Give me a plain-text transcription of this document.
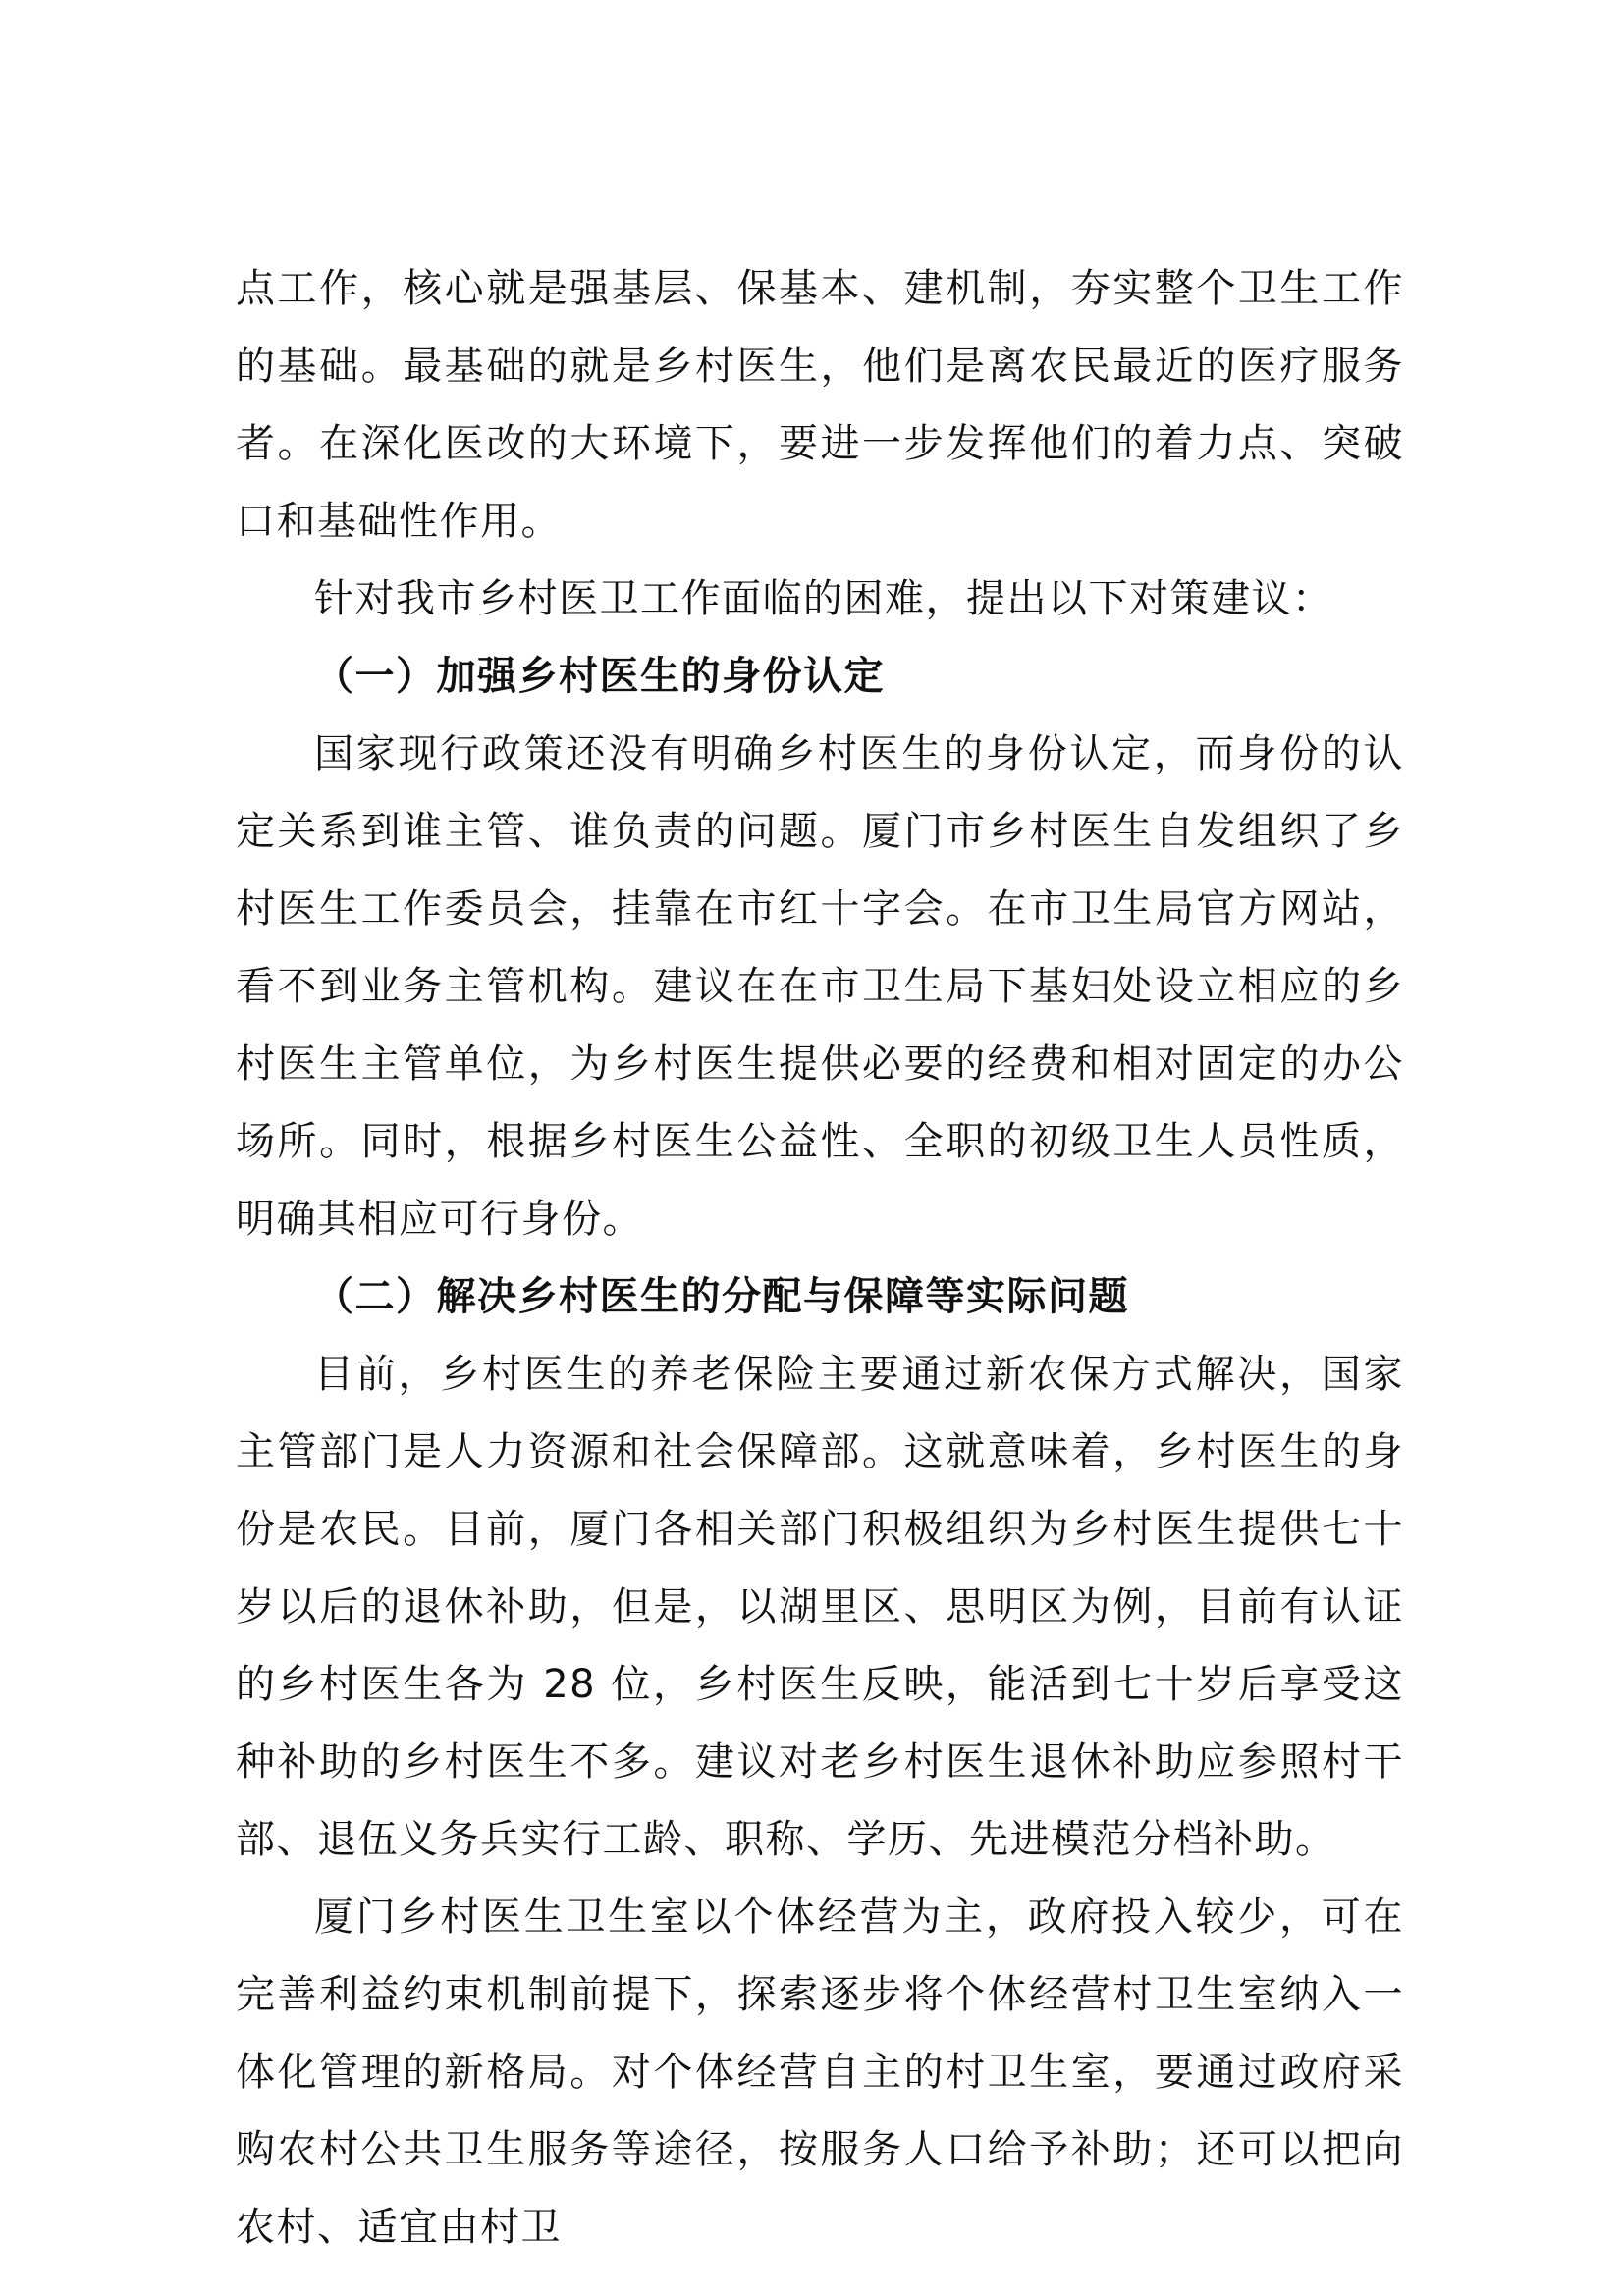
点工作，核心就是强基层、保基本、建机制，夯实整个卫生工作的基础。最基础的就是乡村医生，他们是离农民最近的医疗服务者。在深化医改的大环境下，要进一步发挥他们的着力点、突破口和基础性作用。

针对我市乡村医卫工作面临的困难，提出以下对策建议：

（一）加强乡村医生的身份认定

国家现行政策还没有明确乡村医生的身份认定，而身份的认定关系到谁主管、谁负责的问题。厦门市乡村医生自发组织了乡村医生工作委员会，挂靠在市红十字会。在市卫生局官方网站，看不到业务主管机构。建议在在市卫生局下基妇处设立相应的乡村医生主管单位，为乡村医生提供必要的经费和相对固定的办公场所。同时，根据乡村医生公益性、全职的初级卫生人员性质，明确其相应可行身份。

（二）解决乡村医生的分配与保障等实际问题

目前，乡村医生的养老保险主要通过新农保方式解决，国家主管部门是人力资源和社会保障部。这就意味着，乡村医生的身份是农民。目前，厦门各相关部门积极组织为乡村医生提供七十岁以后的退休补助，但是，以湖里区、思明区为例，目前有认证的乡村医生各为 28 位，乡村医生反映，能活到七十岁后享受这种补助的乡村医生不多。建议对老乡村医生退休补助应参照村干部、退伍义务兵实行工龄、职称、学历、先进模范分档补助。

厦门乡村医生卫生室以个体经营为主，政府投入较少，可在完善利益约束机制前提下，探索逐步将个体经营村卫生室纳入一体化管理的新格局。对个体经营自主的村卫生室，要通过政府采购农村公共卫生服务等途径，按服务人口给予补助；还可以把向农村、适宜由村卫
